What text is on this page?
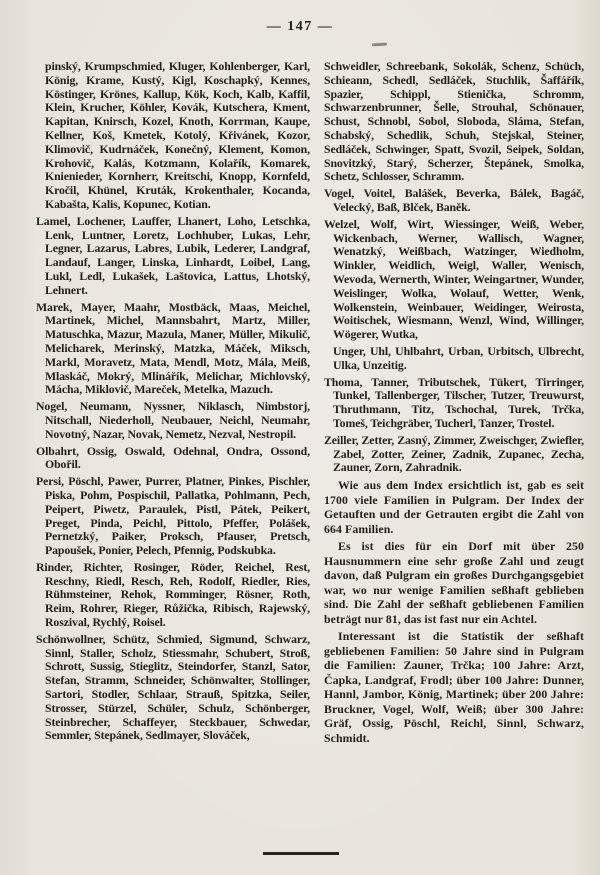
— 147 —

pinský, Krumpschmied, Kluger, Kohlenberger, Karl, König, Krame, Kustý, Kigl, Koschapký, Kennes, Köstinger, Krönes, Kallup, Kök, Koch, Kalb, Kaffil, Klein, Krucher, Köhler, Kovák, Kutschera, Kment, Kapitan, Knirsch, Kozel, Knoth, Korrman, Kaupe, Kellner, Koš, Kmetek, Kotolý, Křivánek, Kozor, Klimovič, Kudrnáček, Konečný, Klement, Komon, Krohovič, Kalás, Kotzmann, Kolařík, Komarek, Knienieder, Kornherr, Kreitschi, Knopp, Kornfeld, Kročil, Khünel, Kruták, Krokenthaler, Kocanda, Kabašta, Kalis, Kopunec, Kotian.

Lamel, Lochener, Lauffer, Lhanert, Loho, Letschka, Lenk, Luntner, Loretz, Lochhuber, Lukas, Lehr, Legner, Lazarus, Labres, Lubik, Lederer, Landgraf, Landauf, Langer, Linska, Linhardt, Loibel, Lang, Lukl, Ledl, Lukašek, Laštovica, Lattus, Lhotský, Lehnert.

Marek, Mayer, Maahr, Mostbäck, Maas, Meichel, Martinek, Michel, Mannsbahrt, Martz, Miller, Matuschka, Mazur, Mazula, Maner, Müller, Mikulič, Melicharek, Merinský, Matzka, Máček, Miksch, Markl, Moravetz, Mata, Mendl, Motz, Mála, Meiß, Mlaskáč, Mokrý, Mlinářík, Melichar, Michlovský, Mácha, Miklovič, Mareček, Metelka, Mazuch.

Nogel, Neumann, Nyssner, Niklasch, Nimbstorj, Nitschall, Niederholl, Neubauer, Neichl, Neumahr, Novotný, Nazar, Novak, Nemetz, Nezval, Nestropil.

Olbahrt, Ossig, Oswald, Odehnal, Ondra, Ossond, Obořil.

Persi, Pöschl, Pawer, Purrer, Platner, Pinkes, Pischler, Piska, Pohm, Pospischil, Pallatka, Pohlmann, Pech, Peipert, Piwetz, Paraulek, Pistl, Pátek, Peikert, Preget, Pinda, Peichl, Pittolo, Pfeffer, Polášek, Pernetzký, Paiker, Proksch, Pfauser, Pretsch, Papoušek, Ponier, Pelech, Pfennig, Podskubka.

Rinder, Richter, Rosinger, Röder, Reichel, Rest, Reschny, Riedl, Resch, Reh, Rodolf, Riedler, Ries, Rühmsteiner, Rehok, Romminger, Rösner, Roth, Reim, Rohrer, Rieger, Růžička, Ribisch, Rajewský, Roszival, Rychlý, Roisel.

Schönwollner, Schütz, Schmied, Sigmund, Schwarz, Sinnl, Staller, Scholz, Stiessmahr, Schubert, Stroß, Schrott, Sussig, Stieglitz, Steindorfer, Stanzl, Sator, Stefan, Stramm, Schneider, Schönwalter, Stollinger, Sartori, Stodler, Schlaar, Strauß, Spitzka, Seiler, Strosser, Stürzel, Schüler, Schulz, Schönberger, Steinbrecher, Schaffeyer, Steckbauer, Schwedar, Semmler, Stepánek, Sedlmayer, Slováček,

Schweidler, Schreebank, Sokolák, Schenz, Schüch, Schieann, Schedl, Sedláček, Stuchlik, Šaffářík, Spazier, Schippl, Stienička, Schromm, Schwarzenbrunner, Šelle, Strouhal, Schönauer, Schust, Schnobl, Sobol, Sloboda, Sláma, Stefan, Schabský, Schedlik, Schuh, Stejskal, Steiner, Sedláček, Schwinger, Spatt, Svozil, Seipek, Soldan, Snovitzký, Starý, Scherzer, Štepánek, Smolka, Schetz, Schlosser, Schramm.

Vogel, Voitel, Balášek, Beverka, Bálek, Bagáč, Velecký, Baß, Blček, Baněk.

Welzel, Wolf, Wirt, Wiessinger, Weiß, Weber, Wickenbach, Werner, Wallisch, Wagner, Wenatzký, Weißbach, Watzinger, Wiedholm, Winkler, Weidlich, Weigl, Waller, Wenisch, Wevoda, Wernerth, Winter, Weingartner, Wunder, Weislinger, Wolka, Wolauf, Wetter, Wenk, Wolkenstein, Weinbauer, Weidinger, Weirosta, Woitischek, Wiesmann, Wenzl, Wind, Willinger, Wögerer, Wutka,

Unger, Uhl, Uhlbahrt, Urban, Urbitsch, Ulbrecht, Ulka, Unzeitig.

Thoma, Tanner, Tributschek, Tükert, Tirringer, Tunkel, Tallenberger, Tilscher, Tutzer, Treuwurst, Thruthmann, Titz, Tschochal, Turek, Trčka, Tomeš, Teichgräber, Tucherl, Tanzer, Trostel.

Zeiller, Zetter, Zasný, Zimmer, Zweischger, Zwiefler, Zabel, Zotter, Zeiner, Zadnik, Zupanec, Zecha, Zauner, Zorn, Zahradnik.

Wie aus dem Index ersichtlich ist, gab es seit 1700 viele Familien in Pulgram. Der Index der Getauften und der Getrauten ergibt die Zahl von 664 Familien.

Es ist dies für ein Dorf mit über 250 Hausnummern eine sehr große Zahl und zeugt davon, daß Pulgram ein großes Durchgangsgebiet war, wo nur wenige Familien seßhaft geblieben sind. Die Zahl der seßhaft gebliebenen Familien beträgt nur 81, das ist fast nur ein Achtel.

Interessant ist die Statistik der seßhaft gebliebenen Familien: 50 Jahre sind in Pulgram die Familien: Zauner, Trčka; 100 Jahre: Arzt, Čapka, Landgraf, Frodl; über 100 Jahre: Dunner, Hannl, Jambor, König, Martinek; über 200 Jahre: Bruckner, Vogel, Wolf, Weiß; über 300 Jahre: Gräf, Ossig, Pöschl, Reichl, Sinnl, Schwarz, Schmidt.
